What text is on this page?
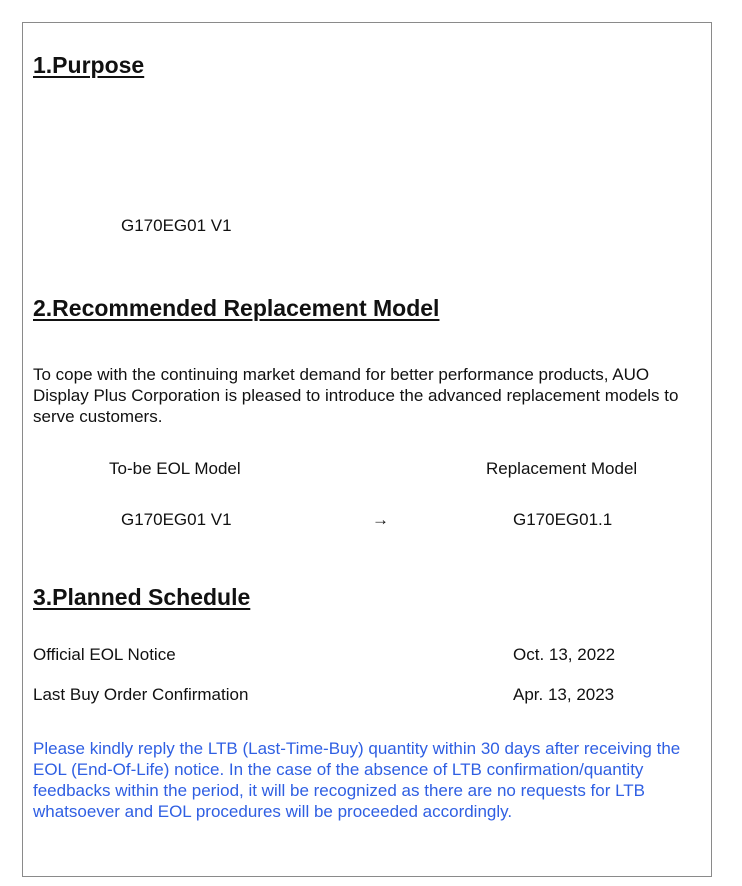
1.Purpose
G170EG01 V1
2.Recommended Replacement Model
To cope with the continuing market demand for better performance products, AUO Display Plus Corporation is pleased to introduce the advanced replacement models to serve customers.
To-be EOL Model	Replacement Model
G170EG01 V1	→	G170EG01.1
3.Planned Schedule
Official EOL Notice	Oct. 13, 2022
Last Buy Order Confirmation	Apr. 13, 2023
Please kindly reply the LTB (Last-Time-Buy) quantity within 30 days after receiving the EOL (End-Of-Life) notice. In the case of the absence of LTB confirmation/quantity feedbacks within the period, it will be recognized as there are no requests for LTB whatsoever and EOL procedures will be proceeded accordingly.
